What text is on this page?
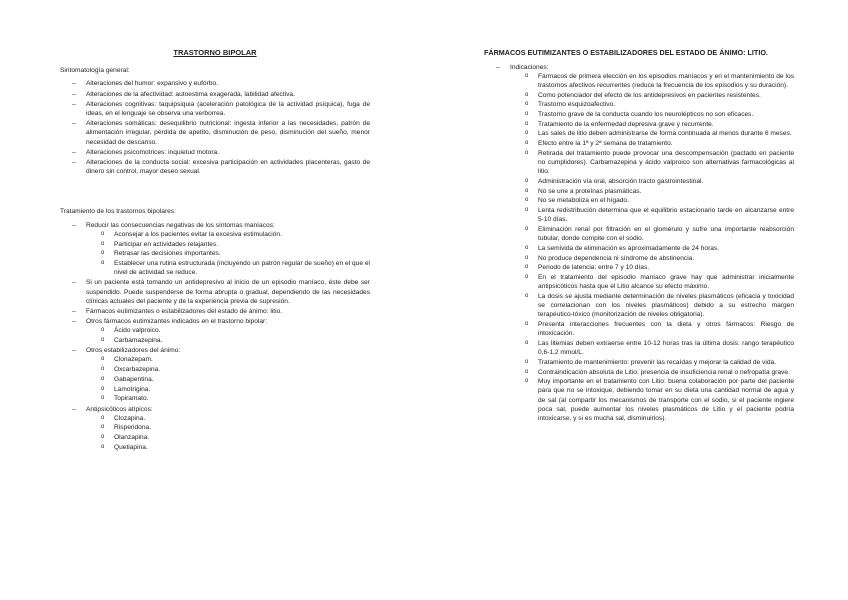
TRASTORNO BIPOLAR
Sintomatología general:
– Alteraciones del humor: expansivo y eufórbo.
– Alteraciones de la afectividad: autoestima exagerada, labilidad afectiva.
– Alteraciones cognitivas: taquipsiquia (aceleración patológica de la actividad psíquica), fuga de ideas, en el lenguaje se observa una verborrea.
– Alteraciones somáticas: desequilibrio nutricional: ingesta inferior a las necesidades, patrón de alimentación irregular, pérdida de apetito, disminución de peso, disminución del sueño, menor necesidad de descanso.
– Alteraciones psicomotrices: inquietud motora.
– Alteraciones de la conducta social: excesiva participación en actividades placenteras, gasto de dinero sin control, mayor deseo sexual.
Tratamiento de los trastornos bipolares:
– Reducir las consecuencias negativas de los síntomas maníacos:
o Aconsejar a los pacientes evitar la excesiva estimulación.
o Participar en actividades relajantes.
o Retrasar las decisiones importantes.
o Establecer una rutina estructurada (incluyendo un patrón regular de sueño) en el que el nivel de actividad se reduce.
– Si un paciente está tomando un antidepresivo al inicio de un episodio maníaco, éste debe ser suspendido. Puede suspenderse de forma abrupta o gradual, dependiendo de las necesidades clínicas actuales del paciente y de la experiencia previa de supresión.
– Fármacos eutimizantes o estabilizadores del estado de ánimo: litio.
– Otros fármacos eutimizantes indicados en el trastorno bipolar:
o Ácido valproico.
o Carbamazepina.
– Otros estabilizadores del ánimo:
o Clonazepam.
o Oxcarbazepina.
o Gabapentina.
o Lamotrigina.
o Topiramato.
– Antipsicóticos atípicos:
o Clozapina.
o Risperidona.
o Olanzapina.
o Quetiapina.
FÁRMACOS EUTIMIZANTES O ESTABILIZADORES DEL ESTADO DE ÁNIMO: LITIO.
– Indicaciones:
o Fármacos de primera elección en los episodios maníacos y en el mantenimiento de los trastornos afectivos recurrentes (reduce la frecuencia de los episodios y su duración).
o Como potenciador del efecto de los antidepresivos en pacientes resistentes.
o Trastorno esquizoafectivo.
o Trastorno grave de la conducta cuando los neurolépticos no son eficaces.
o Tratamiento de la enfermedad depresiva grave y recurrente.
o Las sales de litio deben administrarse de forma continuada al menos durante 6 meses.
o Efecto entre la 1ª y 2ª semana de tratamiento.
o Retirada del tratamiento puede provocar una descompensación (pactado en paciente no cumplidores). Carbamazepina y ácido valproico son alternativas farmacológicas al litio.
o Administración vía oral, absorción tracto gastrointestinal.
o No se une a proteínas plasmáticas.
o No se metaboliza en el hígado.
o Lenta redistribución determina que el equilibrio estacionario tarde en alcanzarse entre 5-10 días.
o Eliminación renal por filtración en el glomérulo y sufre una importante reabsorción tubular, donde compite con el sodio.
o La semivida de eliminación es aproximadamente de 24 horas.
o No produce dependencia ni síndrome de abstinencia.
o Periodo de latencia: entre 7 y 10 días.
o En el tratamiento del episodio maníaco grave hay que administrar inicialmente antipsicóticos hasta que el Litio alcance su efecto máximo.
o La dosis se ajusta mediante determinación de niveles plasmáticos (eficacia y toxicidad se correlacionan con los niveles plasmáticos) debido a su estrecho margen terapéutico-tóxico (monitorización de niveles obligatoria).
o Presenta interacciones frecuentes con la dieta y otros fármacos: Riesgo de intoxicación.
o Las litemias deben extraerse entre 10-12 horas tras la última dosis: rango terapéutico 0,6-1,2 mmol/L.
o Tratamiento de mantenimiento: prevenir las recaídas y mejorar la calidad de vida.
o Contraindicación absoluta de Litio: presencia de insuficiencia renal o nefropatía grave.
o Muy importante en el tratamiento con Litio: buena colaboración por parte del paciente para que no se intoxique, debiendo tomar en su dieta una cantidad normal de agua y de sal (al compartir los mecanismos de transporte con el sodio, si el paciente ingiere poca sal, puede aumentar los niveles plasmáticos de Litio y el paciente podría intoxicarse, y si es mucha sal, disminuirlos).
